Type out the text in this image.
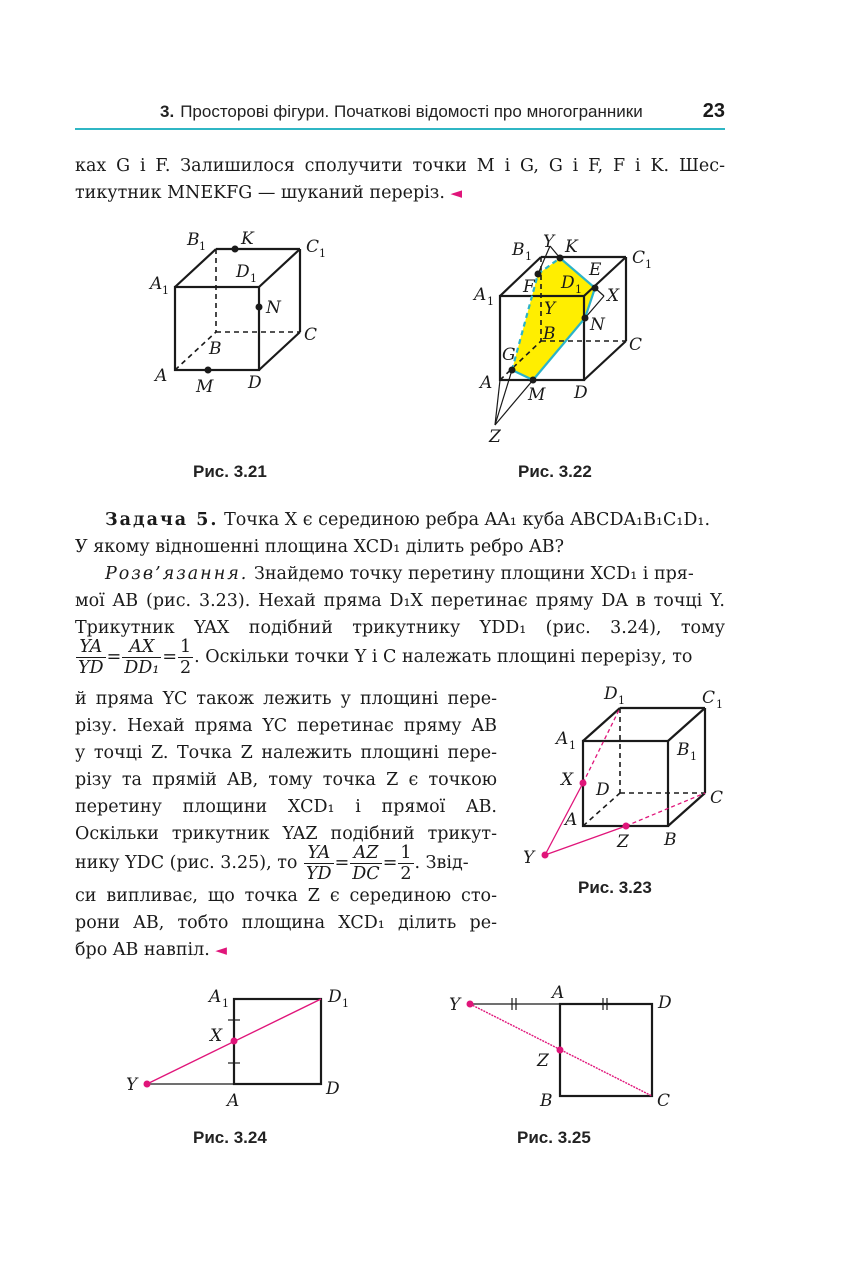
3. Просторові фігури. Початкові відомості про многогранники	23
ках G і F. Залишилося сполучити точки M і G, G і F, F і K. Шес-
тикутник MNEKFG — шуканий переріз. ◄
A
B
C
D
A 1
B 1	C 1
D 1
K
N
M
Рис. 3.21
A
B
C
D
A 1
B 1	C 1
D 1
K
N
M
E
F
G
X
Y
Y
Z
Рис. 3.22
Задача 5. Точка X є серединою ребра AA₁ куба ABCDA₁B₁C₁D₁.
У якому відношенні площина XCD₁ ділить ребро AB?
Розв’язання. Знайдемо точку перетину площини XCD₁ і пря-
мої AB (рис. 3.23). Нехай пряма D₁X перетинає пряму DA в точці Y.
Трикутник YAX подібний трикутнику YDD₁ (рис. 3.24), тому
$\frac{YA}{YD} = \frac{AX}{\text{DD₁}} = \frac{1}{2}$ . Оскільки точки Y і C належать площині перерізу, то
й пряма YC також лежить у площині пере-
різу. Нехай пряма YC перетинає пряму AB
у точці Z. Точка Z належить площині пере-
різу та прямій AB, тому точка Z є точкою
перетину площини XCD₁ і прямої AB.
Оскільки трикутник YAZ подібний трикут-
нику YDC (рис. 3.25), то $\frac{YA}{YD} = \frac{AZ}{DC} = \frac{1}{2}$ . Звід-
си випливає, що точка Z є серединою сто-
рони AB, тобто площина XCD₁ ділить ре-
бро AB навпіл. ◄
A
B
C
D
A 1	B 1
C 1
D 1
X
Y
Z
Рис. 3.23
A 1	D 1
X
Y
A
D
Рис. 3.24
Y
A	D
Z
B	C
Рис. 3.25
